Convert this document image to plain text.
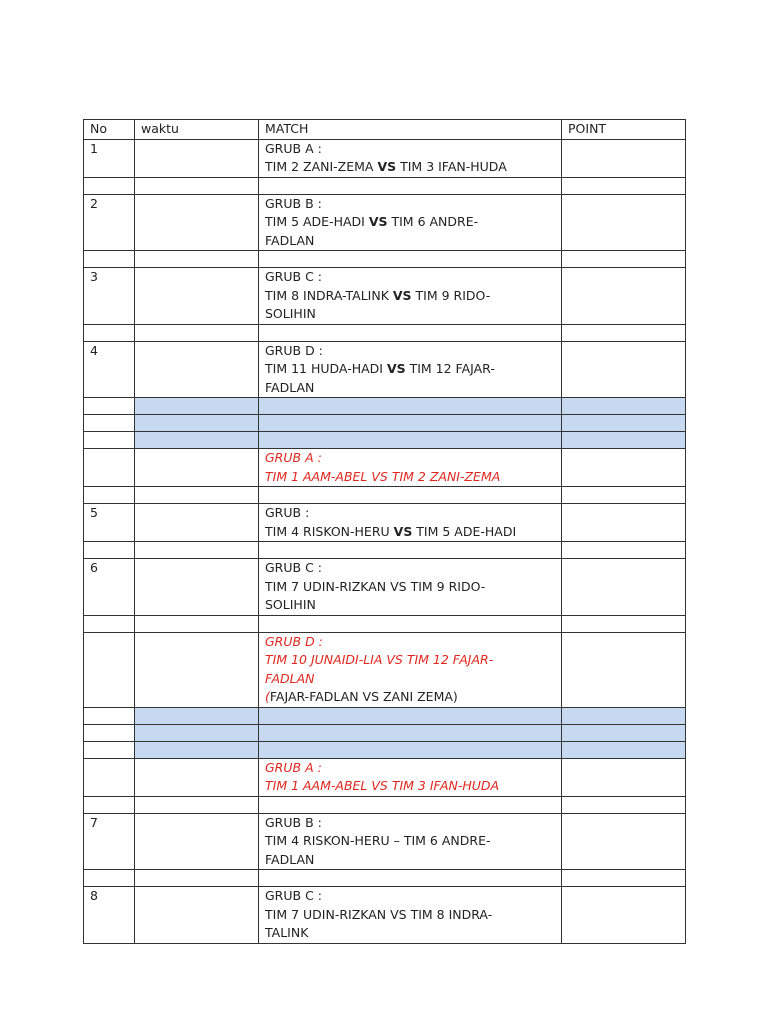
No	waktu	MATCH	POINT
1		GRUB A :
TIM 2 ZANI-ZEMA VS TIM 3 IFAN-HUDA	

2		GRUB B :
TIM 5 ADE-HADI VS TIM 6 ANDRE-
FADLAN	

3		GRUB C :
TIM 8 INDRA-TALINK VS TIM 9 RIDO-
SOLIHIN	

4		GRUB D :
TIM 11 HUDA-HADI VS TIM 12 FAJAR-
FADLAN	

		GRUB A :
TIM 1 AAM-ABEL VS TIM 2 ZANI-ZEMA	

5		GRUB :
TIM 4 RISKON-HERU VS TIM 5 ADE-HADI	

6		GRUB C :
TIM 7 UDIN-RIZKAN VS TIM 9 RIDO-
SOLIHIN	

		GRUB D :
TIM 10 JUNAIDI-LIA VS TIM 12 FAJAR-
FADLAN
(FAJAR-FADLAN VS ZANI ZEMA)	

		GRUB A :
TIM 1 AAM-ABEL VS TIM 3 IFAN-HUDA	

7		GRUB B :
TIM 4 RISKON-HERU – TIM 6 ANDRE-
FADLAN	

8		GRUB C :
TIM 7 UDIN-RIZKAN VS TIM 8 INDRA-
TALINK	
